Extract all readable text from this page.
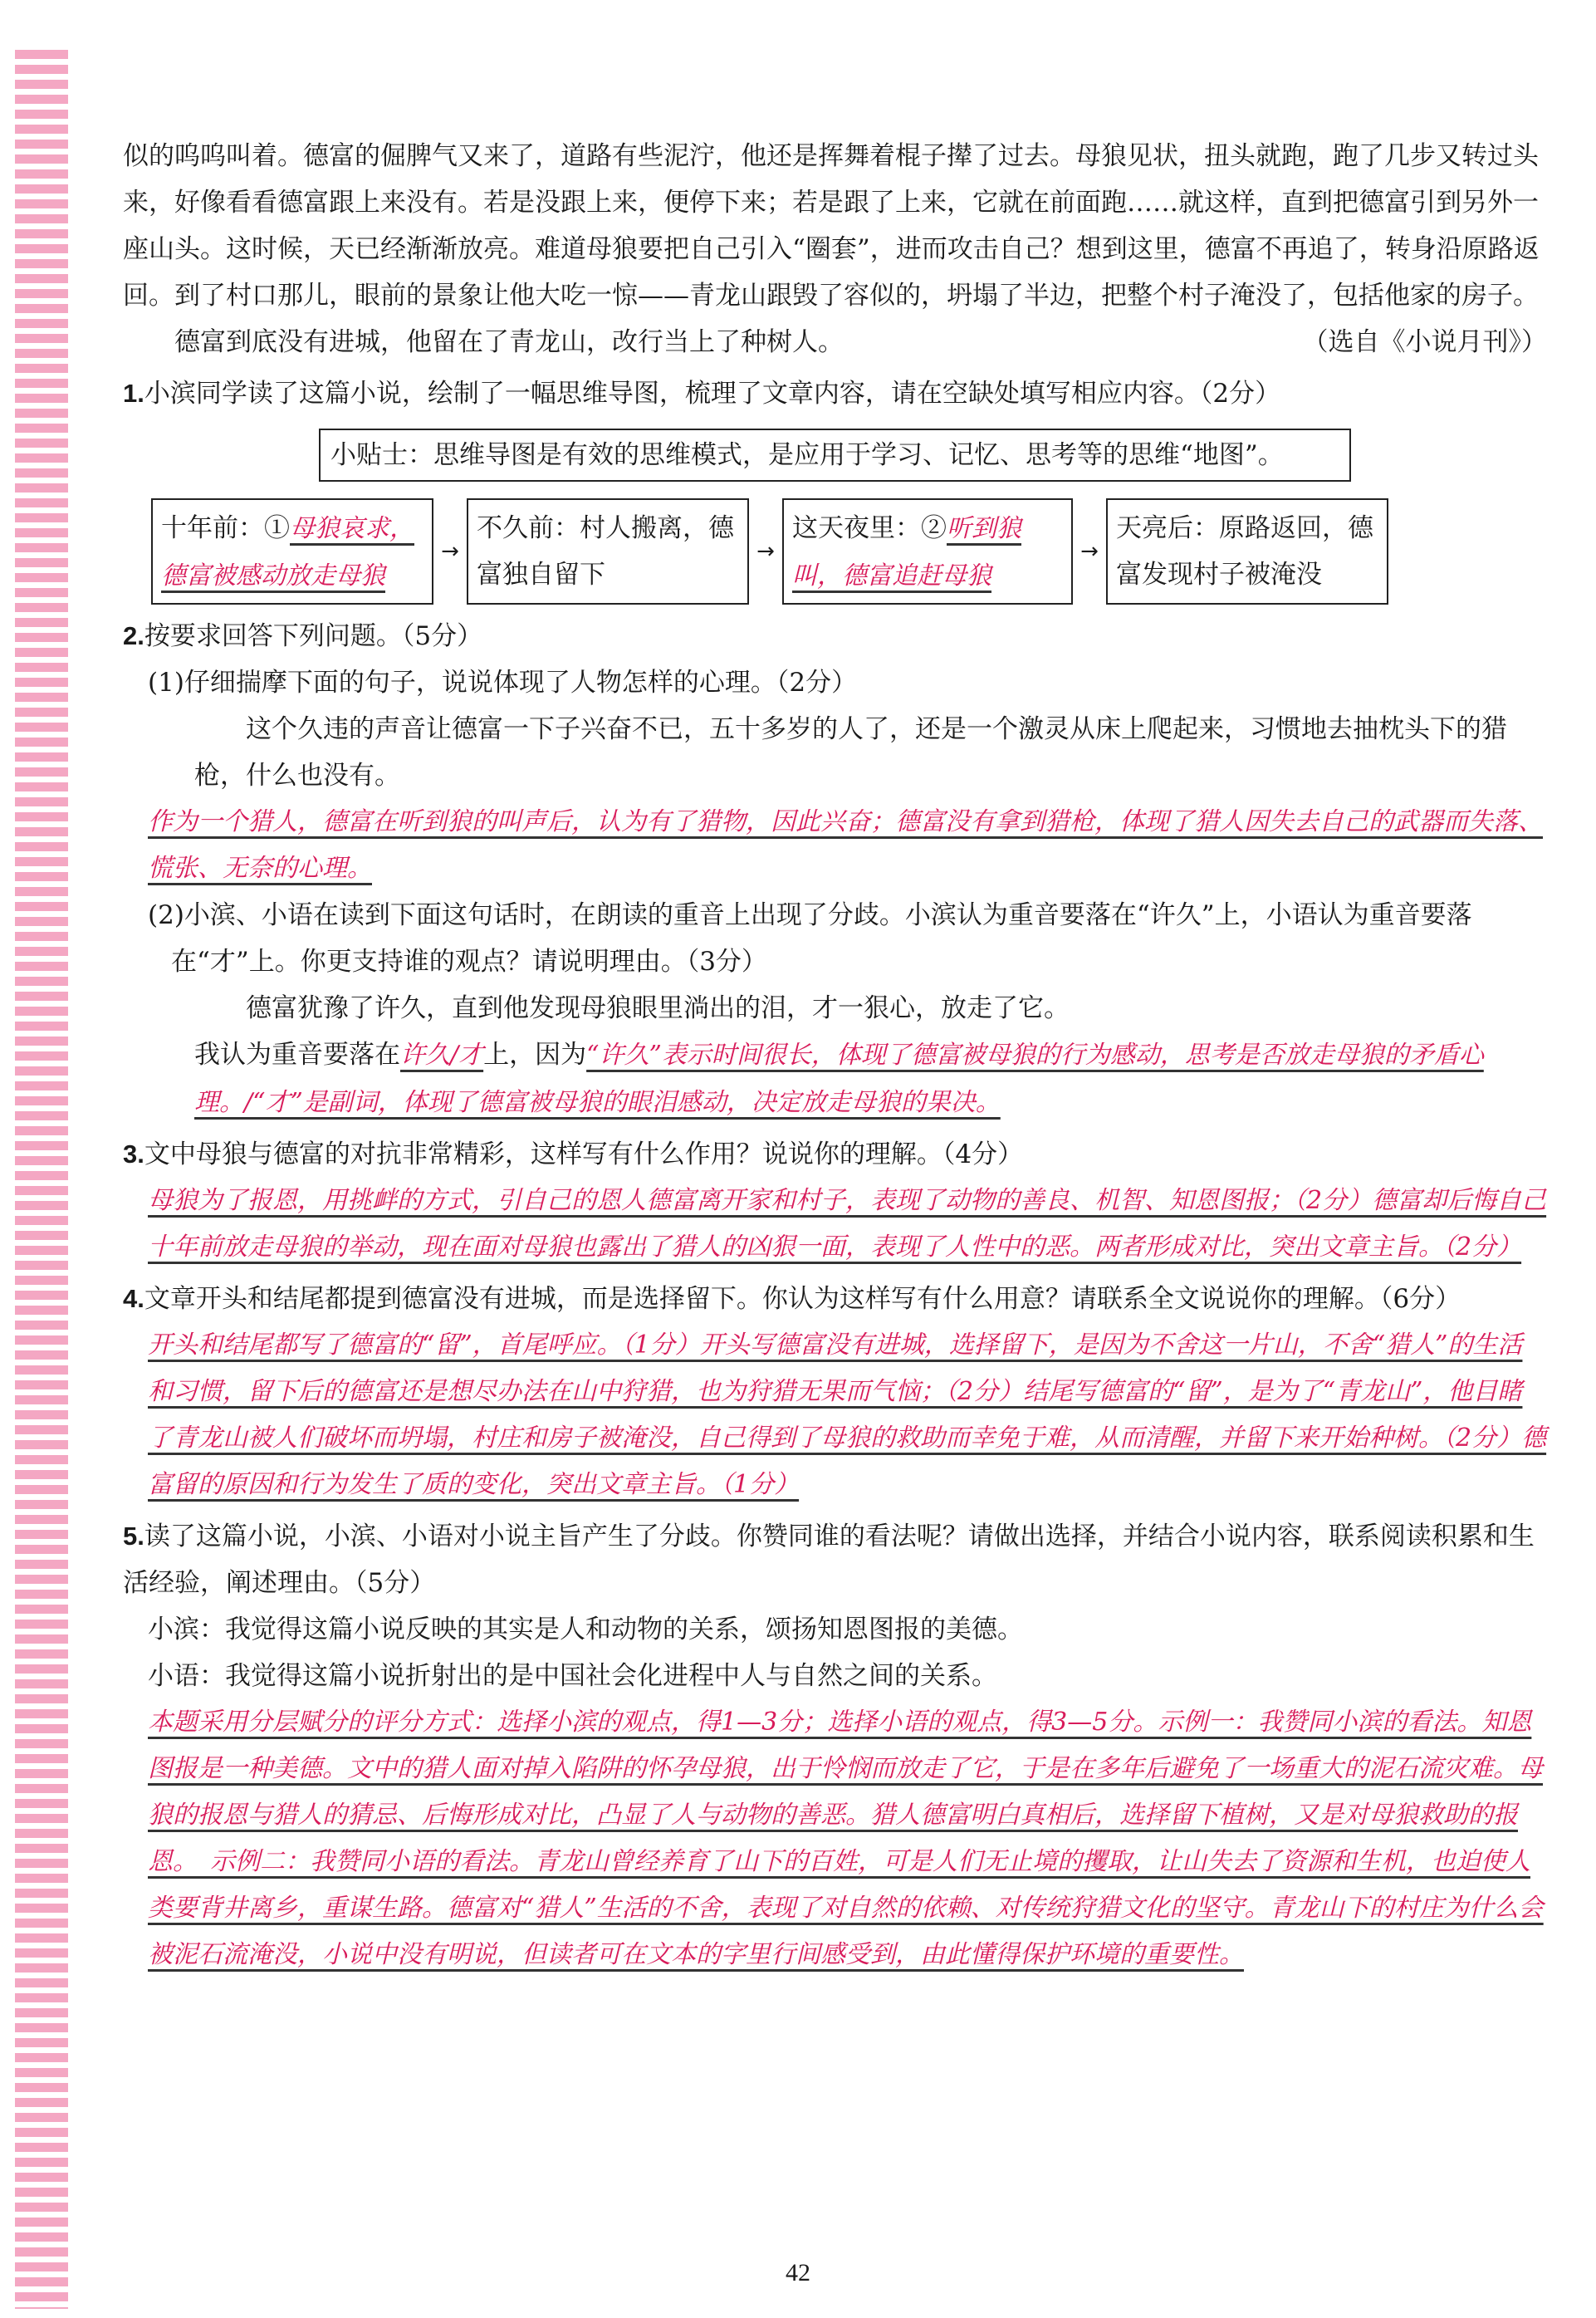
似的呜呜叫着。德富的倔脾气又来了，道路有些泥泞，他还是挥舞着棍子撵了过去。母狼见状，扭头就跑，跑了几步又转过头来，好像看看德富跟上来没有。若是没跟上来，便停下来；若是跟了上来，它就在前面跑……就这样，直到把德富引到另外一座山头。这时候，天已经渐渐放亮。难道母狼要把自己引入“圈套”，进而攻击自己？想到这里，德富不再追了，转身沿原路返回。到了村口那儿，眼前的景象让他大吃一惊——青龙山跟毁了容似的，坍塌了半边，把整个村子淹没了，包括他家的房子。

德富到底没有进城，他留在了青龙山，改行当上了种树人。	（选自《小说月刊》）

1.小滨同学读了这篇小说，绘制了一幅思维导图，梳理了文章内容，请在空缺处填写相应内容。（2分）

小贴士：思维导图是有效的思维模式，是应用于学习、记忆、思考等的思维“地图”。
十年前：①母狼哀求，德富被感动放走母狼
→
不久前：村人搬离，德富独自留下
→
这天夜里：②听到狼叫，德富追赶母狼
→
天亮后：原路返回，德富发现村子被淹没

2.按要求回答下列问题。（5分）

(1)仔细揣摩下面的句子，说说体现了人物怎样的心理。（2分）

这个久违的声音让德富一下子兴奋不已，五十多岁的人了，还是一个激灵从床上爬起来，习惯地去抽枕头下的猎枪，什么也没有。

作为一个猎人，德富在听到狼的叫声后，认为有了猎物，因此兴奋；德富没有拿到猎枪，体现了猎人因失去自己的武器而失落、慌张、无奈的心理。

(2)小滨、小语在读到下面这句话时，在朗读的重音上出现了分歧。小滨认为重音要落在“许久”上，小语认为重音要落在“才”上。你更支持谁的观点？请说明理由。（3分）

德富犹豫了许久，直到他发现母狼眼里淌出的泪，才一狠心，放走了它。

我认为重音要落在许久/才上，因为“许久”表示时间很长，体现了德富被母狼的行为感动，思考是否放走母狼的矛盾心理。/“才”是副词，体现了德富被母狼的眼泪感动，决定放走母狼的果决。

3.文中母狼与德富的对抗非常精彩，这样写有什么作用？说说你的理解。（4分）

母狼为了报恩，用挑衅的方式，引自己的恩人德富离开家和村子，表现了动物的善良、机智、知恩图报；（2分）德富却后悔自己十年前放走母狼的举动，现在面对母狼也露出了猎人的凶狠一面，表现了人性中的恶。两者形成对比，突出文章主旨。（2分）

4.文章开头和结尾都提到德富没有进城，而是选择留下。你认为这样写有什么用意？请联系全文说说你的理解。（6分）

开头和结尾都写了德富的“留”，首尾呼应。（1分）开头写德富没有进城，选择留下，是因为不舍这一片山，不舍“猎人”的生活和习惯，留下后的德富还是想尽办法在山中狩猎，也为狩猎无果而气恼；（2分）结尾写德富的“留”，是为了“青龙山”，他目睹了青龙山被人们破坏而坍塌，村庄和房子被淹没，自己得到了母狼的救助而幸免于难，从而清醒，并留下来开始种树。（2分）德富留的原因和行为发生了质的变化，突出文章主旨。（1分）

5.读了这篇小说，小滨、小语对小说主旨产生了分歧。你赞同谁的看法呢？请做出选择，并结合小说内容，联系阅读积累和生活经验，阐述理由。（5分）

小滨：我觉得这篇小说反映的其实是人和动物的关系，颂扬知恩图报的美德。

小语：我觉得这篇小说折射出的是中国社会化进程中人与自然之间的关系。

本题采用分层赋分的评分方式：选择小滨的观点，得1—3分；选择小语的观点，得3—5分。示例一：我赞同小滨的看法。知恩图报是一种美德。文中的猎人面对掉入陷阱的怀孕母狼，出于怜悯而放走了它，于是在多年后避免了一场重大的泥石流灾难。母狼的报恩与猎人的猜忌、后悔形成对比，凸显了人与动物的善恶。猎人德富明白真相后，选择留下植树，又是对母狼救助的报恩。　示例二：我赞同小语的看法。青龙山曾经养育了山下的百姓，可是人们无止境的攫取，让山失去了资源和生机，也迫使人类要背井离乡，重谋生路。德富对“猎人”生活的不舍，表现了对自然的依赖、对传统狩猎文化的坚守。青龙山下的村庄为什么会被泥石流淹没，小说中没有明说，但读者可在文本的字里行间感受到，由此懂得保护环境的重要性。

42
